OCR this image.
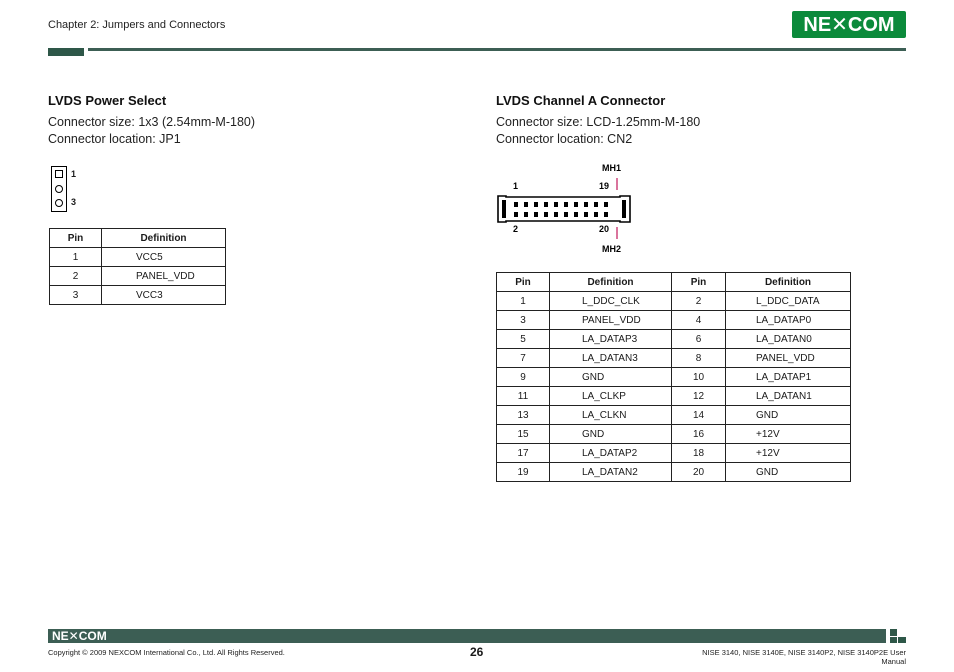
Chapter 2: Jumpers and Connectors	NE✕COM
LVDS Power Select
Connector size: 1x3 (2.54mm-M-180)
Connector location: JP1
1
3
Pin	Definition
1	VCC5
2	PANEL_VDD
3	VCC3
LVDS Channel A Connector
Connector size: LCD-1.25mm-M-180
Connector location: CN2
MH1
1	19
2	20
MH2
Pin	Definition	Pin	Definition
1	L_DDC_CLK	2	L_DDC_DATA
3	PANEL_VDD	4	LA_DATAP0
5	LA_DATAP3	6	LA_DATAN0
7	LA_DATAN3	8	PANEL_VDD
9	GND	10	LA_DATAP1
11	LA_CLKP	12	LA_DATAN1
13	LA_CLKN	14	GND
15	GND	16	+12V
17	LA_DATAP2	18	+12V
19	LA_DATAN2	20	GND
NE✕COM
Copyright © 2009 NEXCOM International Co., Ltd. All Rights Reserved.	26	NISE 3140, NISE 3140E, NISE 3140P2, NISE 3140P2E User Manual
